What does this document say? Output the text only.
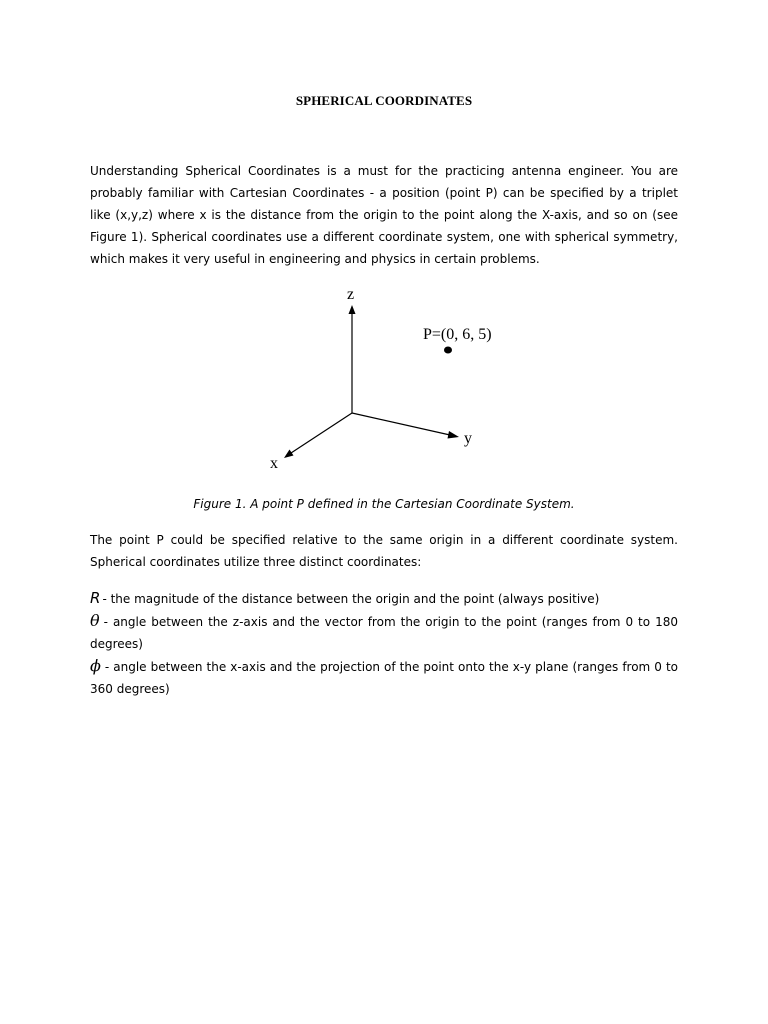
SPHERICAL COORDINATES

Understanding Spherical Coordinates is a must for the practicing antenna engineer. You are probably familiar with Cartesian Coordinates - a position (point P) can be specified by a triplet like (x,y,z) where x is the distance from the origin to the point along the X-axis, and so on (see Figure 1). Spherical coordinates use a different coordinate system, one with spherical symmetry, which makes it very useful in engineering and physics in certain problems.

z
y
x
P=(0, 6, 5)
Figure 1. A point P defined in the Cartesian Coordinate System.

The point P could be specified relative to the same origin in a different coordinate system. Spherical coordinates utilize three distinct coordinates:

R - the magnitude of the distance between the origin and the point (always positive)

θ - angle between the z-axis and the vector from the origin to the point (ranges from 0 to 180 degrees)

ϕ - angle between the x-axis and the projection of the point onto the x-y plane (ranges from 0 to 360 degrees)
